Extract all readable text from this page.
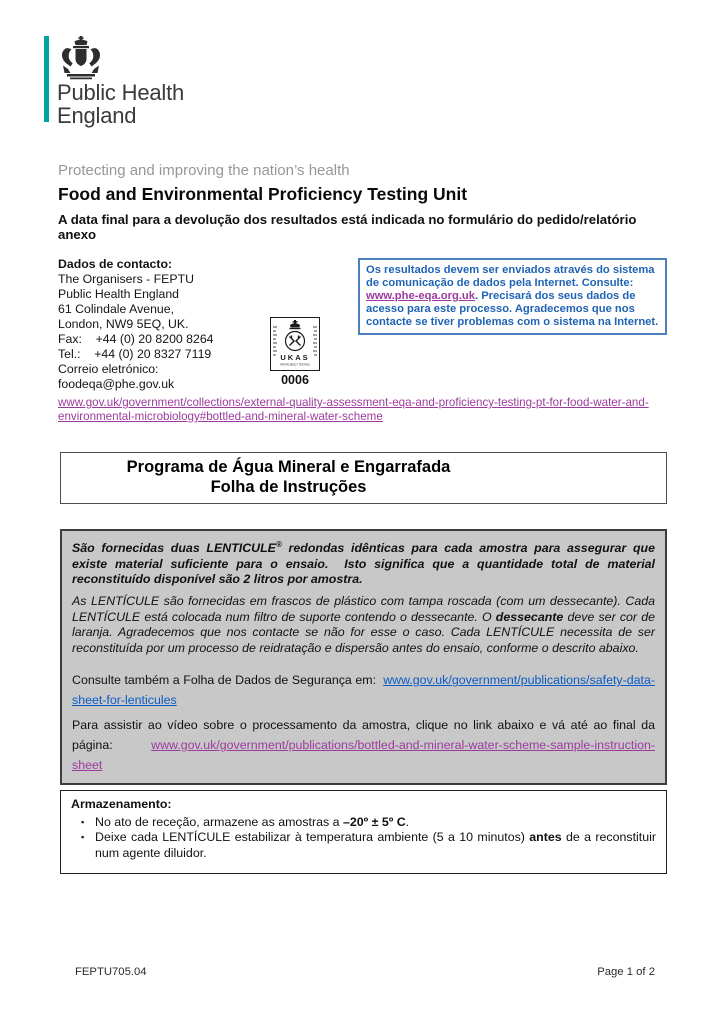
Public Health
England
Protecting and improving the nation’s health
Food and Environmental Proficiency Testing Unit
A data final para a devolução dos resultados está indicada no formulário do pedido/relatório anexo
Dados de contacto:
The Organisers - FEPTU
Public Health England
61 Colindale Avenue,
London, NW9 5EQ, UK.
Fax:    +44 (0) 20 8200 8264
Tel.:    +44 (0) 20 8327 7119
Correio eletrónico:
foodeqa@phe.gov.uk
Os resultados devem ser enviados através do sistema de comunicação de dados pela Internet. Consulte: www.phe-eqa.org.uk. Precisará dos seus dados de acesso para este processo. Agradecemos que nos contacte se tiver problemas com o sistema na Internet.
UKAS
PROFICIENCY TESTING
0006
www.gov.uk/government/collections/external-quality-assessment-eqa-and-proficiency-testing-pt-for-food-water-and-environmental-microbiology#bottled-and-mineral-water-scheme
Programa de Água Mineral e Engarrafada
Folha de Instruções

São fornecidas duas LENTICULE® redondas idênticas para cada amostra para assegurar que existe material suficiente para o ensaio.  Isto significa que a quantidade total de material reconstituído disponível são 2 litros por amostra.

As LENTÍCULE são fornecidas em frascos de plástico com tampa roscada (com um dessecante). Cada LENTÍCULE está colocada num filtro de suporte contendo o dessecante. O dessecante deve ser cor de laranja. Agradecemos que nos contacte se não for esse o caso. Cada LENTÍCULE necessita de ser reconstituída por um processo de reidratação e dispersão antes do ensaio, conforme o descrito abaixo.

Consulte também a Folha de Dados de Segurança em:  www.gov.uk/government/publications/safety-data-sheet-for-lenticules

Para assistir ao vídeo sobre o processamento da amostra, clique no link abaixo e vá até ao final da página:   www.gov.uk/government/publications/bottled-and-mineral-water-scheme-sample-instruction-sheet

Armazenamento:
▪ No ato de receção, armazene as amostras a –20º ± 5º C.
▪ Deixe cada LENTÍCULE estabilizar à temperatura ambiente (5 a 10 minutos) antes de a reconstituir num agente diluidor.
FEPTU705.04	Page 1 of 2
